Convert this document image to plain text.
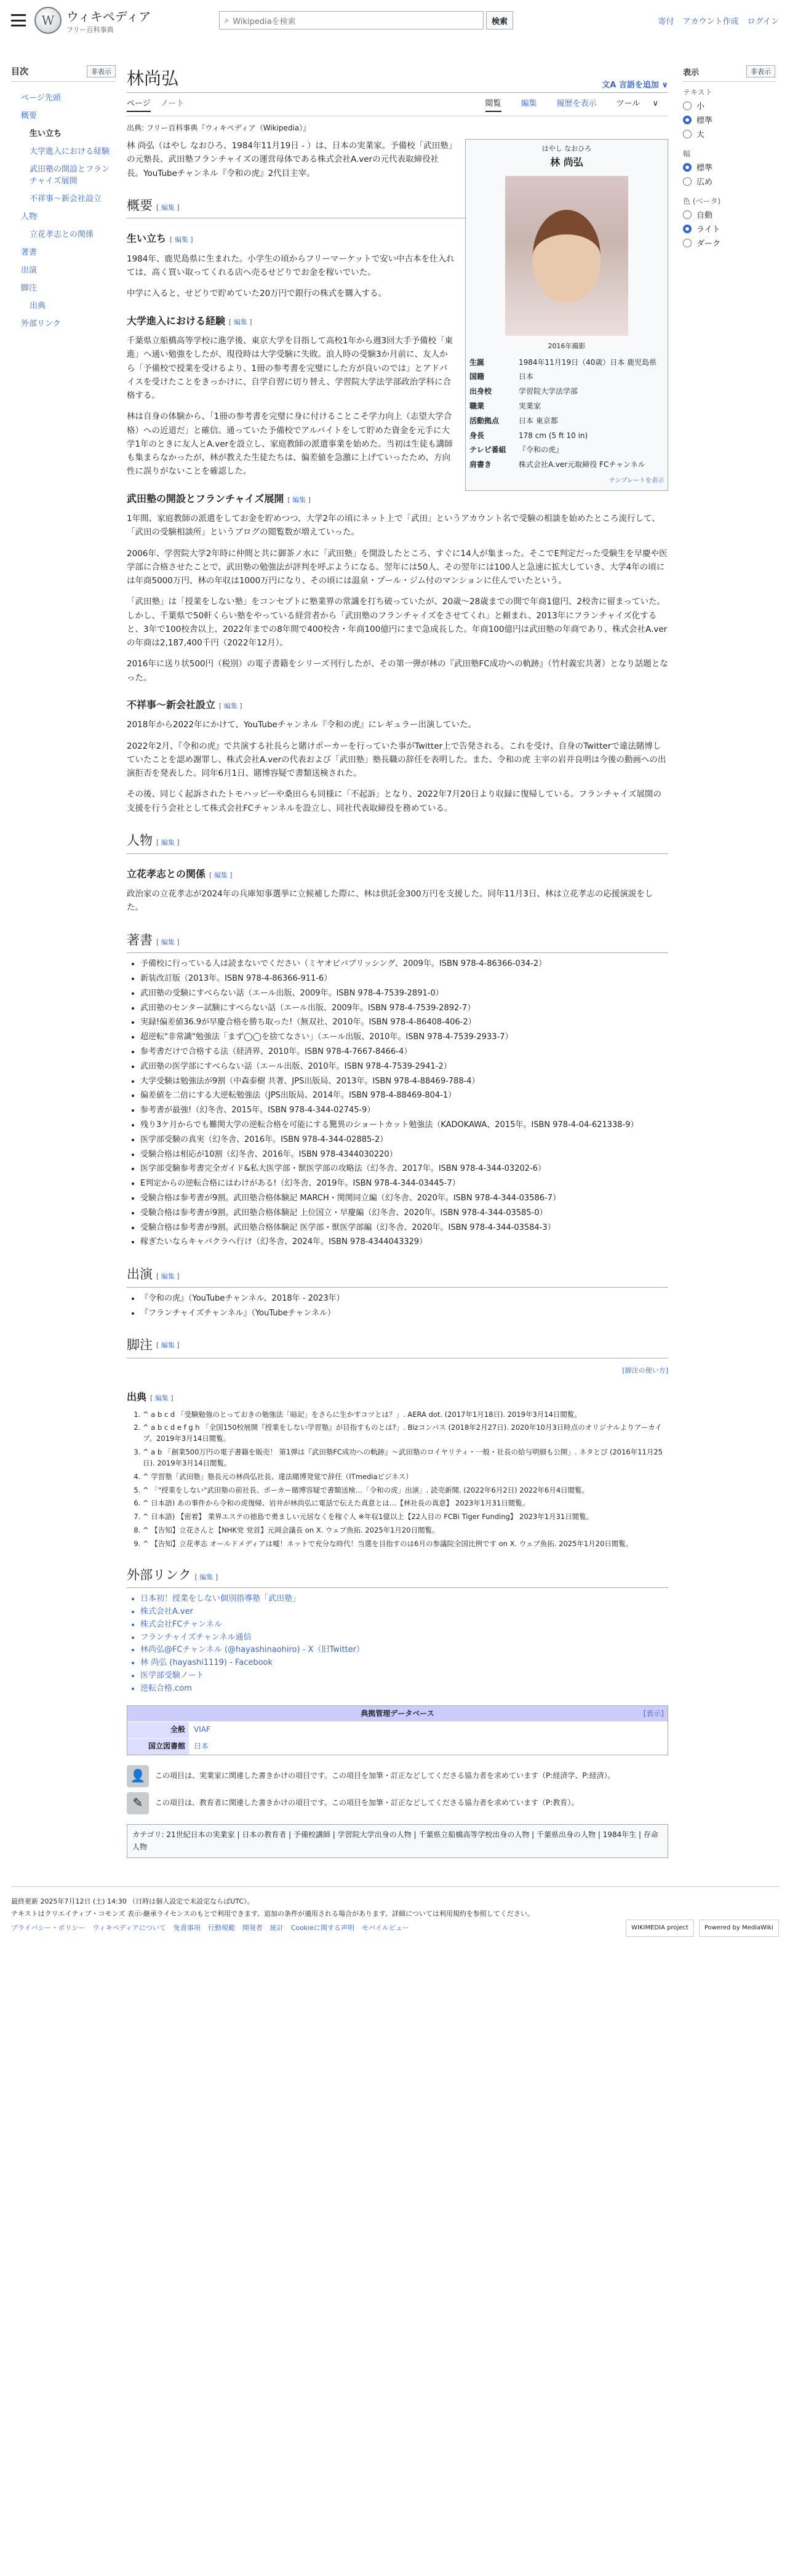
W ウィキペディア
フリー百科事典
⌕ Wikipediaを検索	検索	寄付 アカウント作成 ログイン
目次	非表示
ページ先頭
概要
生い立ち
大学進入における経験
武田塾の開設とフランチャイズ展開
不祥事〜新会社設立
人物
立花孝志との関係
著書
出演
脚注
出典
外部リンク
林尚弘	文A 言語を追加 ∨
ページ ノート	閲覧 編集 履歴を表示 ツール ∨
出典: フリー百科事典『ウィキペディア（Wikipedia）』
はやし なおひろ
林 尚弘
2016年撮影
生誕	1984年11月19日（40歳）日本 鹿児島県
国籍	日本
出身校	学習院大学法学部
職業	実業家
活動拠点	日本 東京都
身長	178 cm (5 ft 10 in)
テレビ番組	『令和の虎』
肩書き	株式会社A.ver元取締役 FCチャンネル
テンプレートを表示

林 尚弘（はやし なおひろ、1984年11月19日 - ）は、日本の実業家。予備校「武田塾」の元塾長、武田塾フランチャイズの運営母体である株式会社A.verの元代表取締役社長。YouTubeチャンネル『令和の虎』2代目主宰。

概要 [ 編集 ]
生い立ち [ 編集 ]

1984年、鹿児島県に生まれた。小学生の頃からフリーマーケットで安い中古本を仕入れては、高く買い取ってくれる店へ売るせどりでお金を稼いでいた。

中学に入ると、せどりで貯めていた20万円で銀行の株式を購入する。

大学進入における経験 [ 編集 ]

千葉県立船橋高等学校に進学後、東京大学を目指して高校1年から週3回大手予備校「東進」へ通い勉強をしたが、現役時は大学受験に失敗。浪人時の受験3か月前に、友人から「予備校で授業を受けるより、1冊の参考書を完璧にした方が良いのでは」とアドバイスを受けたことをきっかけに、自学自習に切り替え、学習院大学法学部政治学科に合格する。

林は自身の体験から、「1冊の参考書を完璧に身に付けることこそ学力向上（志望大学合格）への近道だ」と確信。通っていた予備校でアルバイトをして貯めた資金を元手に大学1年のときに友人とA.verを設立し、家庭教師の派遣事業を始めた。当初は生徒も講師も集まらなかったが、林が教えた生徒たちは、偏差値を急激に上げていったため、方向性に誤りがないことを確認した。

武田塾の開設とフランチャイズ展開 [ 編集 ]

1年間、家庭教師の派遣をしてお金を貯めつつ、大学2年の頃にネット上で「武田」というアカウント名で受験の相談を始めたところ流行して、「武田の受験相談所」というブログの閲覧数が増えていった。

2006年、学習院大学2年時に仲間と共に御茶ノ水に「武田塾」を開設したところ、すぐに14人が集まった。そこでE判定だった受験生を早慶や医学部に合格させたことで、武田塾の勉強法が評判を呼ぶようになる。翌年には50人、その翌年には100人と急速に拡大していき、大学4年の頃には年商5000万円、林の年収は1000万円になり、その頃には温泉・プール・ジム付のマンションに住んでいたという。

「武田塾」は「授業をしない塾」をコンセプトに塾業界の常識を打ち破っていたが、20歳〜28歳までの間で年商1億円、2校舎に留まっていた。しかし、千葉県で50軒くらい塾をやっている経営者から「武田塾のフランチャイズをさせてくれ」と頼まれ、2013年にフランチャイズ化すると、3年で100校舎以上、2022年までの8年間で400校舎・年商100億円にまで急成長した。年商100億円は武田塾の年商であり、株式会社A.verの年商は2,187,400千円（2022年12月）。

2016年に送り状500円（税別）の電子書籍をシリーズ刊行したが、その第一弾が林の『武田塾FC成功への軌跡』（竹村義宏共著）となり話題となった。

不祥事〜新会社設立 [ 編集 ]

2018年から2022年にかけて、YouTubeチャンネル『令和の虎』にレギュラー出演していた。

2022年2月、『令和の虎』で共演する社長らと賭けポーカーを行っていた事がTwitter上で告発される。これを受け、自身のTwitterで違法賭博していたことを認め謝罪し、株式会社A.verの代表および「武田塾」塾長職の辞任を表明した。また、令和の虎 主宰の岩井良明は今後の動画への出演拒否を発表した。同年6月1日、賭博容疑で書類送検された。

その後、同じく起訴されたトモハッピーや桑田らも同様に「不起訴」となり、2022年7月20日より収録に復帰している。フランチャイズ展開の支援を行う会社として株式会社FCチャンネルを設立し、同社代表取締役を務めている。

人物 [ 編集 ]
立花孝志との関係 [ 編集 ]

政治家の立花孝志が2024年の兵庫知事選挙に立候補した際に、林は供託金300万円を支援した。同年11月3日、林は立花孝志の応援演説をした。

著書 [ 編集 ]
• 予備校に行っている人は読まないでください（ミヤオビパブリッシング、2009年。ISBN 978-4-86366-034-2）
• 新装改訂版（2013年。ISBN 978-4-86366-911-6）
• 武田塾の受験にすべらない話（エール出版、2009年。ISBN 978-4-7539-2891-0）
• 武田塾のセンター試験にすべらない話（エール出版、2009年。ISBN 978-4-7539-2892-7）
• 実録!偏差値36.9が早慶合格を勝ち取った!（無双社、2010年。ISBN 978-4-86408-406-2）
• 超逆転"非常識"勉強法「まず◯◯を捨てなさい」（エール出版、2010年。ISBN 978-4-7539-2933-7）
• 参考書だけで合格する法（経済界、2010年。ISBN 978-4-7667-8466-4）
• 武田塾の医学部にすべらない話（エール出版、2010年。ISBN 978-4-7539-2941-2）
• 大学受験は勉強法が9割（中森泰樹 共著、JPS出版局、2013年。ISBN 978-4-88469-788-4）
• 偏差値を二倍にする大逆転勉強法（JPS出版局、2014年。ISBN 978-4-88469-804-1）
• 参考書が最強!（幻冬舎、2015年。ISBN 978-4-344-02745-9）
• 残り3ケ月からでも難関大学の逆転合格を可能にする驚異のショートカット勉強法（KADOKAWA、2015年。ISBN 978-4-04-621338-9）
• 医学部受験の真実（幻冬舎、2016年。ISBN 978-4-344-02885-2）
• 受験合格は相応が10割（幻冬舎、2016年。ISBN 978-4344030220）
• 医学部受験参考書完全ガイド&私大医学部・獣医学部の攻略法（幻冬舎、2017年。ISBN 978-4-344-03202-6）
• E判定からの逆転合格にはわけがある!（幻冬舎、2019年。ISBN 978-4-344-03445-7）
• 受験合格は参考書が9割。武田塾合格体験記 MARCH・関関同立編（幻冬舎、2020年。ISBN 978-4-344-03586-7）
• 受験合格は参考書が9割。武田塾合格体験記 上位国立・早慶編（幻冬舎、2020年。ISBN 978-4-344-03585-0）
• 受験合格は参考書が9割。武田塾合格体験記 医学部・獣医学部編（幻冬舎、2020年。ISBN 978-4-344-03584-3）
• 稼ぎたいならキャバクラへ行け（幻冬舎、2024年。ISBN 978-4344043329）
出演 [ 編集 ]
• 『令和の虎』（YouTubeチャンネル、2018年 - 2023年）
• 『フランチャイズチャンネル』（YouTubeチャンネル）
脚注 [ 編集 ]
[脚注の使い方]
出典 [ 編集 ]
1. ^ a b c d 「受験勉強のとっておきの勉強法「暗記」をさらに生かすコツとは？」. AERA dot. (2017年1月18日). 2019年3月14日閲覧。
2. ^ a b c d e f g h 「全国150校展開『授業をしない学習塾』が目指すものとは?」. Bizコンパス (2018年2月27日). 2020年10月3日時点のオリジナルよりアーカイブ。2019年3月14日閲覧。
3. ^ a b 「創業500万円の電子書籍を販売！ 第1弾は『武田塾FC成功への軌跡』〜武田塾のロイヤリティ・一般・社長の給与明細も公開」. ネタとぴ (2016年11月25日). 2019年3月14日閲覧。
4. ^ 学習塾「武田塾」塾長元の林尚弘社長、違法賭博発覚で辞任（ITmediaビジネス）
5. ^ 「"授業をしない"武田塾の前社長、ポーカー賭博容疑で書類送検…「令和の虎」出演」. 読売新聞. (2022年6月2日) 2022年6月4日閲覧。
6. ^ 日本語) あの事件から令和の虎復帰、岩井が林尚弘に電話で伝えた真意とは…【林社長の真意】 2023年1月31日閲覧。
7. ^ 日本語) 【密着】 業界エステの徳島で勇ましい元居なくを稼ぐ人 ※年収1億以上【22人目の FCBi Tiger Funding】 2023年1月31日閲覧。
8. ^ 【告知】立花さんと【NHK党 党首】元岡会議長 on X. ウェブ魚拓. 2025年1月20日閲覧。
9. ^ 【告知】立花孝志 オールドメディアは嘘！ネットで充分な時代！当選を目指すのは6月の参議院全国比例です on X. ウェブ魚拓. 2025年1月20日閲覧。
外部リンク [ 編集 ]
• 日本初！授業をしない個別指導塾「武田塾」
• 株式会社A.ver
• 株式会社FCチャンネル
• フランチャイズチャンネル通信
• 林尚弘@FCチャンネル (@hayashinaohiro) - X（旧Twitter）
• 林 尚弘 (hayashi1119) - Facebook
• 医学部受験ノート
• 逆転合格.com
典拠管理データベース	[表示]
全般	VIAF
国立図書館	日本
👤	この項目は、実業家に関連した書きかけの項目です。この項目を加筆・訂正などしてくださる協力者を求めています（P:経済学、P:経済）。
✎	この項目は、教育者に関連した書きかけの項目です。この項目を加筆・訂正などしてくださる協力者を求めています（P:教育）。
カテゴリ: 21世紀日本の実業家 | 日本の教育者 | 予備校講師 | 学習院大学出身の人物 | 千葉県立船橋高等学校出身の人物 | 千葉県出身の人物 | 1984年生 | 存命人物
表示	非表示
テキスト
小
標準
大
幅
標準
広め
色 (ベータ)
自動
ライト
ダーク
最終更新 2025年7月12日 (土) 14:30 （日時は個人設定で未設定ならばUTC）。
テキストはクリエイティブ・コモンズ 表示-継承ライセンスのもとで利用できます。追加の条件が適用される場合があります。詳細については利用規約を参照してください。
プライバシー・ポリシー ウィキペディアについて 免責事項 行動規範 開発者 統計 Cookieに関する声明 モバイルビュー	WIKIMEDIA project	Powered by MediaWiki
